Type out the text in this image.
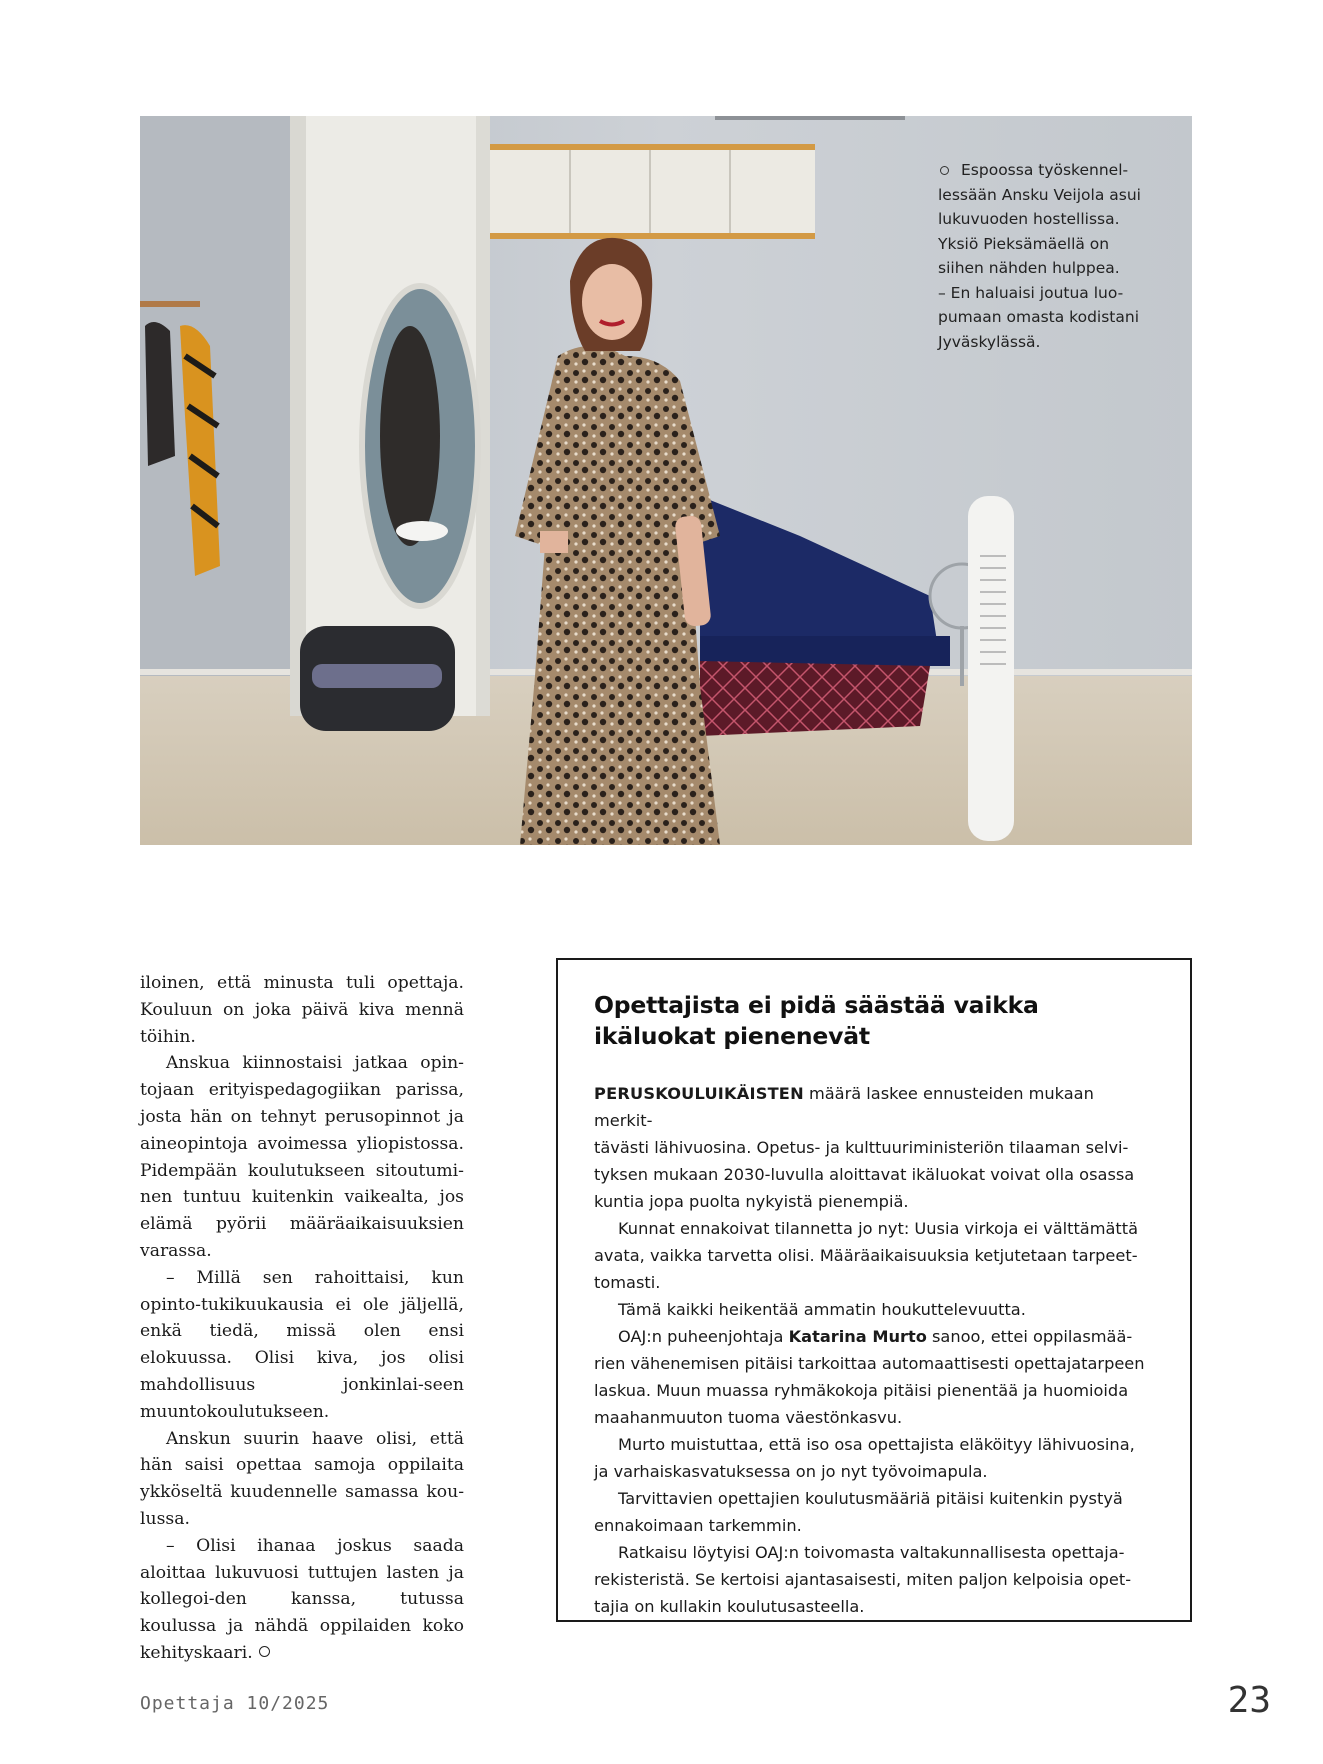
Espoossa työskennel-

lessään Ansku Veijola asui

lukuvuoden hostellissa.

Yksiö Pieksämäellä on

siihen nähden hulppea.

– En haluaisi joutua luo-

pumaan omasta kodistani

Jyväskylässä.

iloinen, että minusta tuli opettaja. Kouluun on joka päivä kiva mennä töihin.

Anskua kiinnostaisi jatkaa opin-tojaan erityispedagogiikan parissa, josta hän on tehnyt perusopinnot ja aineopintoja avoimessa yliopistossa. Pidempään koulutukseen sitoutumi-nen tuntuu kuitenkin vaikealta, jos elämä pyörii määräaikaisuuksien varassa.

– Millä sen rahoittaisi, kun opinto-tukikuukausia ei ole jäljellä, enkä tiedä, missä olen ensi elokuussa. Olisi kiva, jos olisi mahdollisuus jonkinlai-seen muuntokoulutukseen.

Anskun suurin haave olisi, että hän saisi opettaa samoja oppilaita ykköseltä kuudennelle samassa kou-lussa.

– Olisi ihanaa joskus saada aloittaa lukuvuosi tuttujen lasten ja kollegoi-den kanssa, tutussa koulussa ja nähdä oppilaiden koko kehityskaari.

Opettajista ei pidä säästää vaikka
ikäluokat pienenevät

PERUSKOULUIKÄISTEN määrä laskee ennusteiden mukaan merkit-
tävästi lähivuosina. Opetus- ja kulttuuriministeriön tilaaman selvi-
tyksen mukaan 2030-luvulla aloittavat ikäluokat voivat olla osassa
kuntia jopa puolta nykyistä pienempiä.

Kunnat ennakoivat tilannetta jo nyt: Uusia virkoja ei välttämättä
avata, vaikka tarvetta olisi. Määräaikaisuuksia ketjutetaan tarpeet-
tomasti.

Tämä kaikki heikentää ammatin houkuttelevuutta.

OAJ:n puheenjohtaja Katarina Murto sanoo, ettei oppilasmää-
rien vähenemisen pitäisi tarkoittaa automaattisesti opettajatarpeen
laskua. Muun muassa ryhmäkokoja pitäisi pienentää ja huomioida
maahanmuuton tuoma väestönkasvu.

Murto muistuttaa, että iso osa opettajista eläköityy lähivuosina,
ja varhaiskasvatuksessa on jo nyt työvoimapula.

Tarvittavien opettajien koulutusmääriä pitäisi kuitenkin pystyä
ennakoimaan tarkemmin.

Ratkaisu löytyisi OAJ:n toivomasta valtakunnallisesta opettaja-
rekisteristä. Se kertoisi ajantasaisesti, miten paljon kelpoisia opet-
tajia on kullakin koulutusasteella.

Opettaja 10/2025	23
